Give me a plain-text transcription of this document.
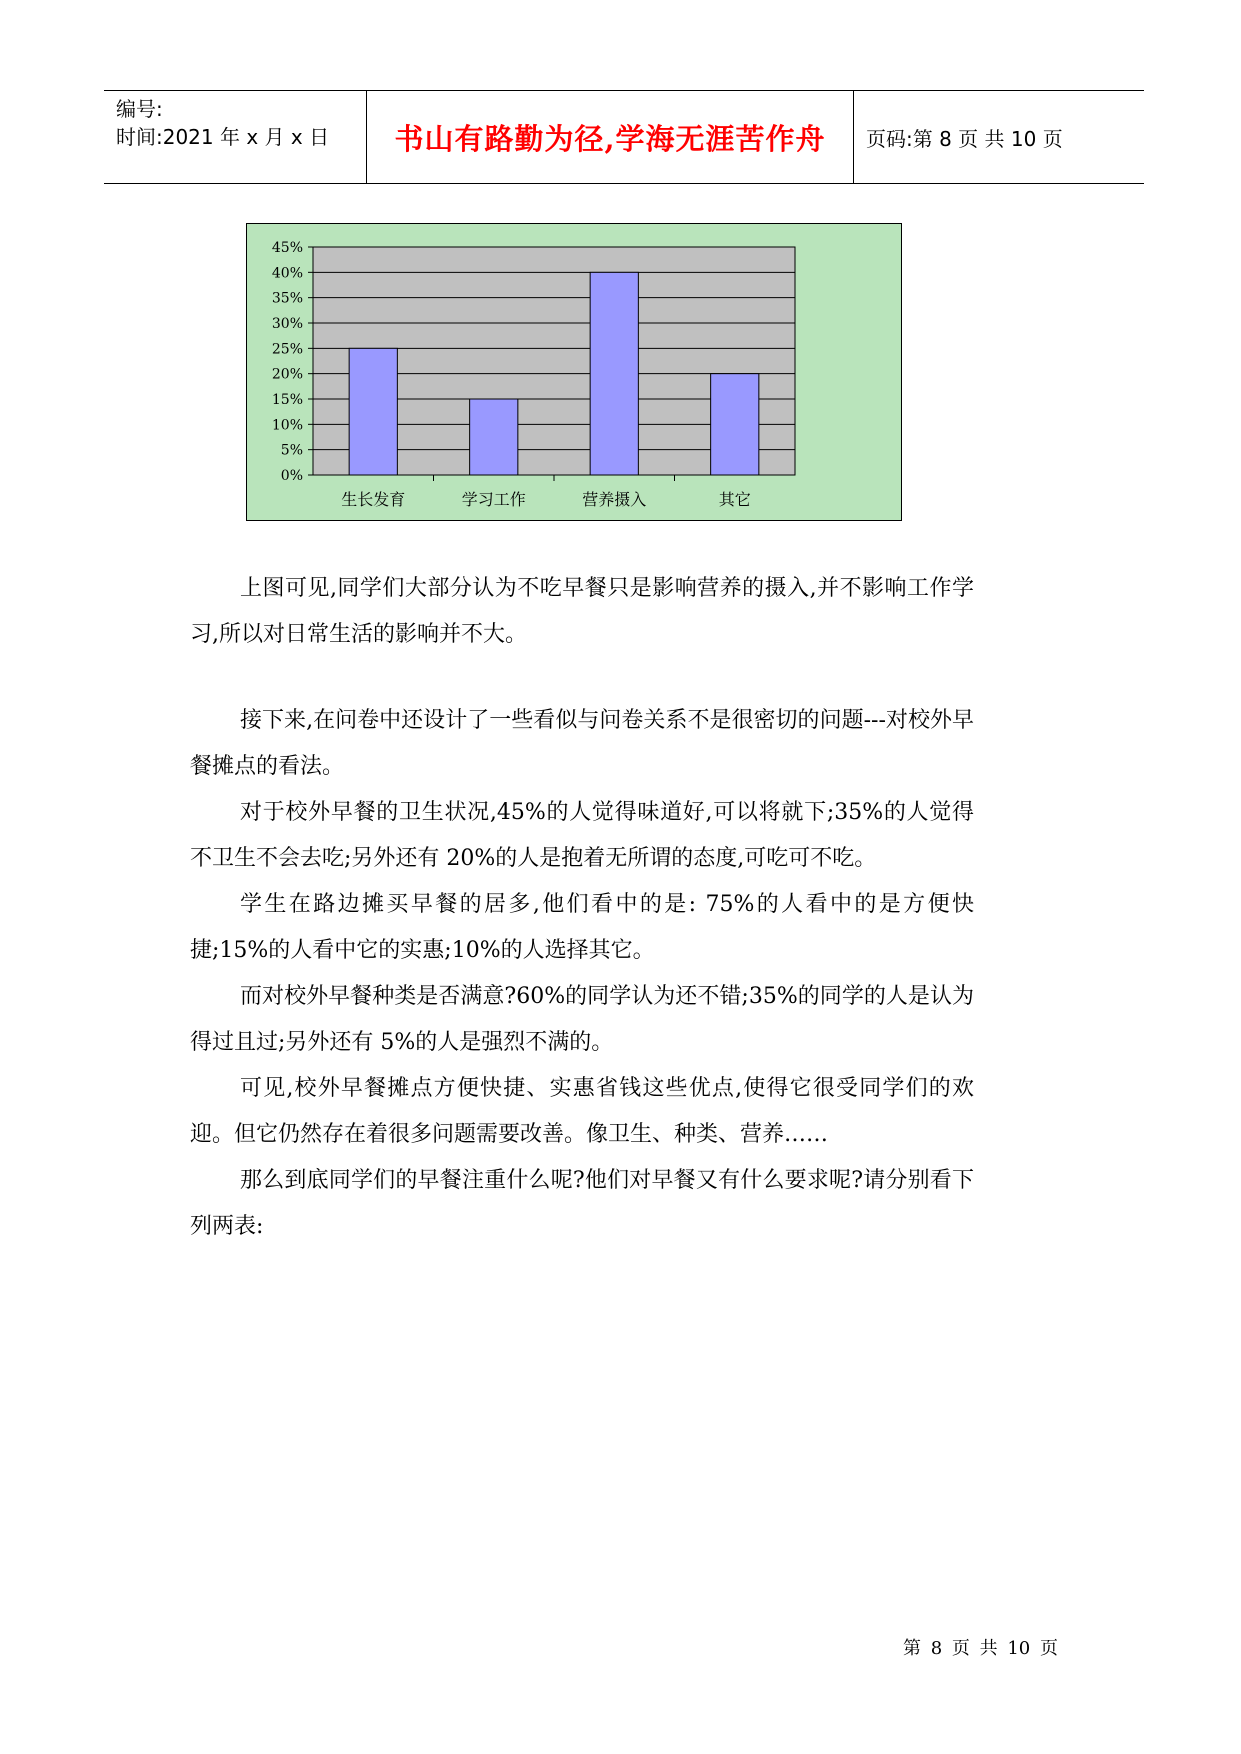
编号:
时间:2021 年 x 月 x 日 书山有路勤为径,学海无涯苦作舟	页码:第 8 页 共 10 页
0%
5%
10%
15%
20%
25%
30%
35%
40%
45%
生长发育	学习工作	营养摄入	其它

上图可见,同学们大部分认为不吃早餐只是影响营养的摄入,并不影响工作学习,所以对日常生活的影响并不大。

接下来,在问卷中还设计了一些看似与问卷关系不是很密切的问题---对校外早餐摊点的看法。

对于校外早餐的卫生状况,45%的人觉得味道好,可以将就下;35%的人觉得不卫生不会去吃;另外还有 20%的人是抱着无所谓的态度,可吃可不吃。

学生在路边摊买早餐的居多,他们看中的是: 75%的人看中的是方便快捷;15%的人看中它的实惠;10%的人选择其它。

而对校外早餐种类是否满意?60%的同学认为还不错;35%的同学的人是认为得过且过;另外还有 5%的人是强烈不满的。

可见,校外早餐摊点方便快捷、实惠省钱这些优点,使得它很受同学们的欢迎。但它仍然存在着很多问题需要改善。像卫生、种类、营养……

那么到底同学们的早餐注重什么呢?他们对早餐又有什么要求呢?请分别看下列两表:

第 8 页 共 10 页
